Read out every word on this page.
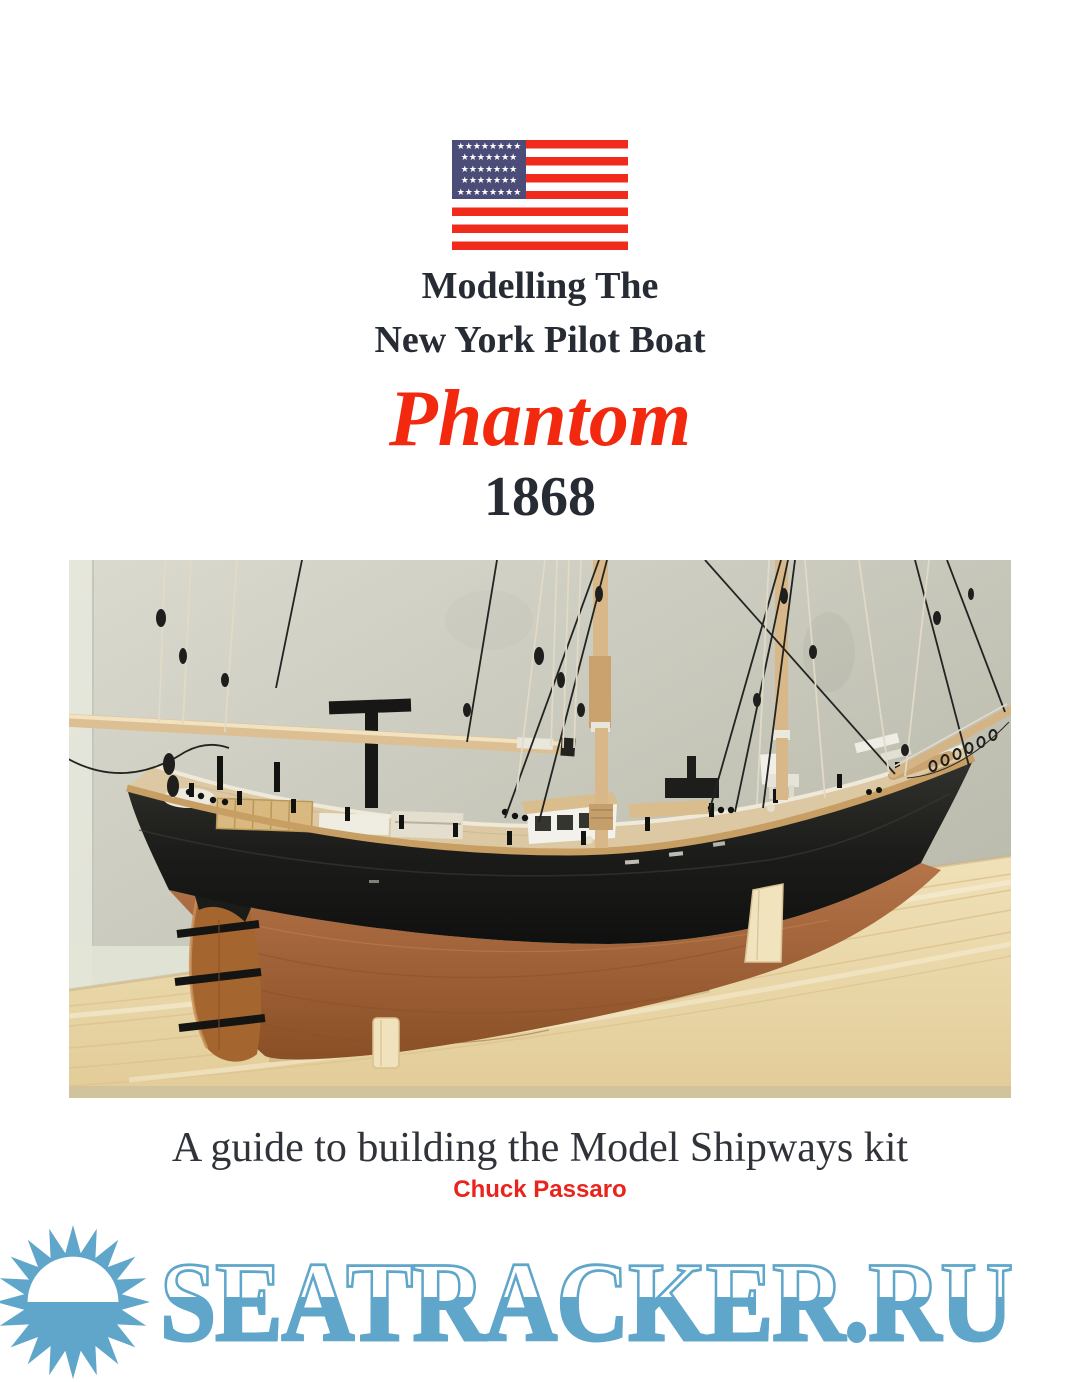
★★★★★★★★
★★★★★★★
★★★★★★★
★★★★★★★
★★★★★★★★
Modelling The
New York Pilot Boat
Phantom
1868

A guide to building the Model Shipways kit

Chuck Passaro

SEATRACKER.RU
